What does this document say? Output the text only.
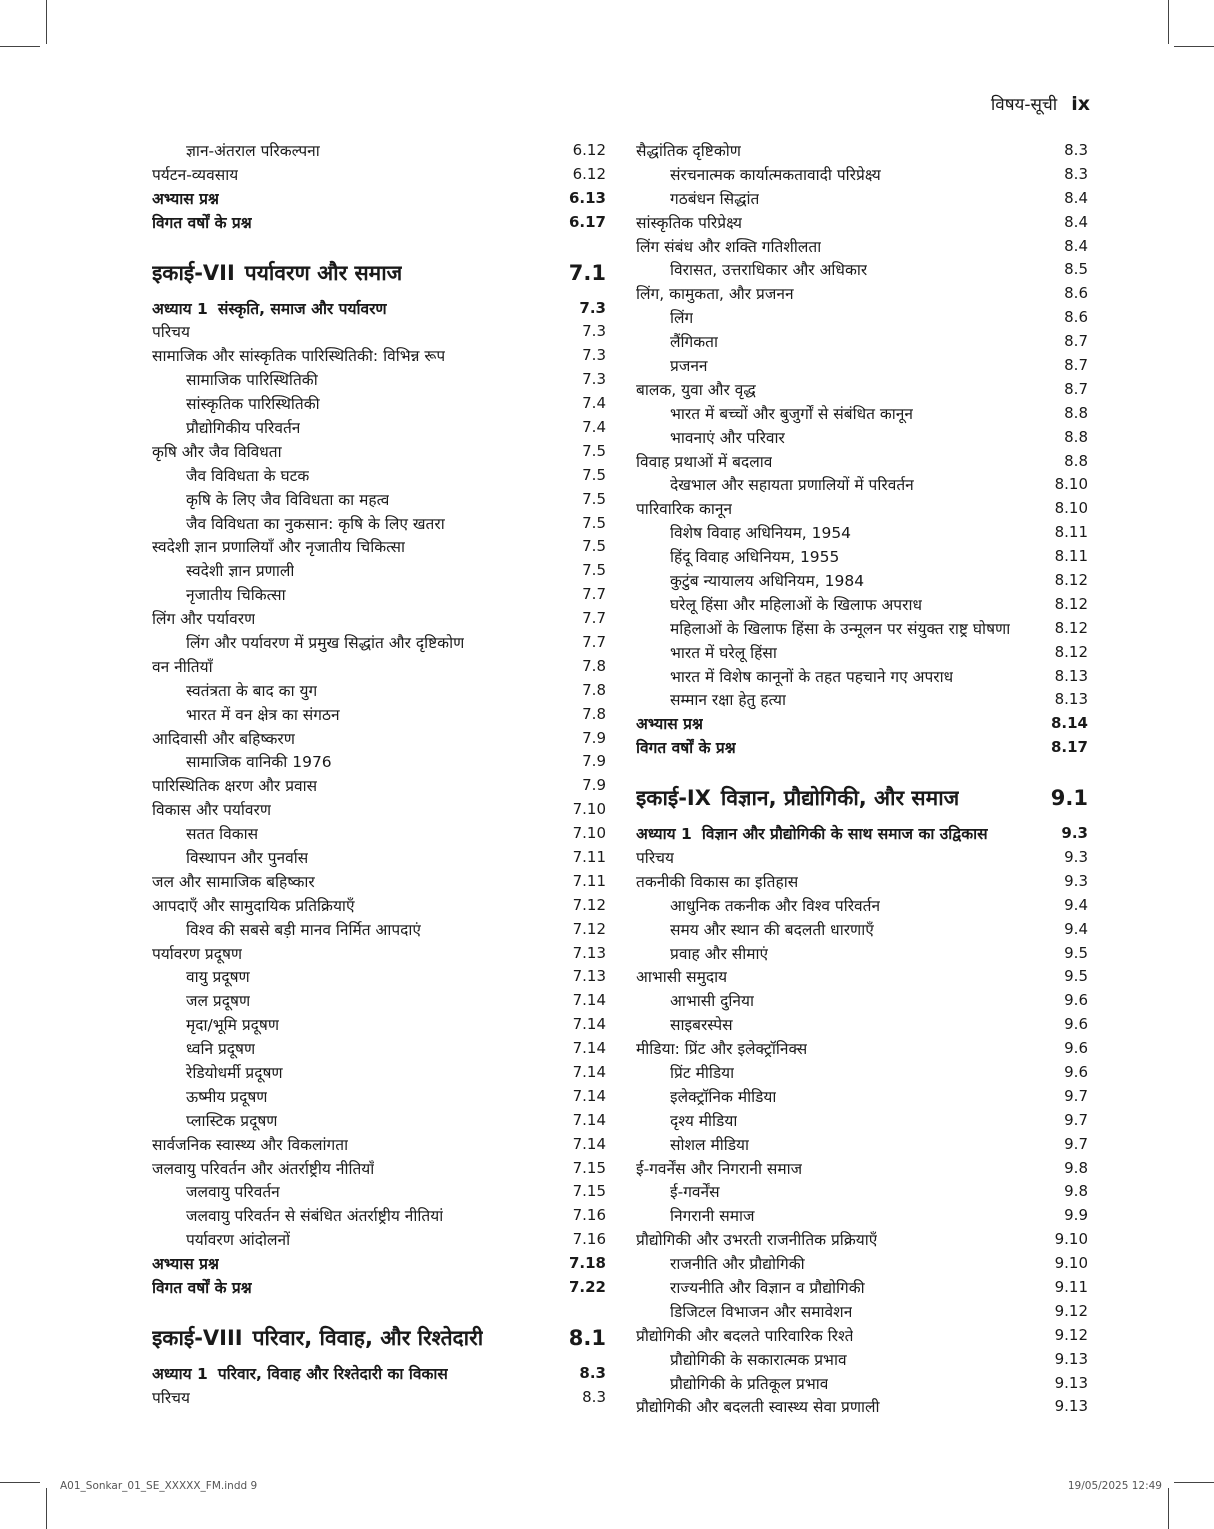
विषय-सूची ix
ज्ञान-अंतराल परिकल्पना	6.12
पर्यटन-व्यवसाय	6.12
अभ्यास प्रश्न	6.13
विगत वर्षों के प्रश्न	6.17
इकाई-VII पर्यावरण और समाज	7.1
अध्याय 1 संस्कृति, समाज और पर्यावरण	7.3
परिचय	7.3
सामाजिक और सांस्कृतिक पारिस्थितिकी: विभिन्न रूप	7.3
सामाजिक पारिस्थितिकी	7.3
सांस्कृतिक पारिस्थितिकी	7.4
प्रौद्योगिकीय परिवर्तन	7.4
कृषि और जैव विविधता	7.5
जैव विविधता के घटक	7.5
कृषि के लिए जैव विविधता का महत्व	7.5
जैव विविधता का नुकसान: कृषि के लिए खतरा	7.5
स्वदेशी ज्ञान प्रणालियाँ और नृजातीय चिकित्सा	7.5
स्वदेशी ज्ञान प्रणाली	7.5
नृजातीय चिकित्सा	7.7
लिंग और पर्यावरण	7.7
लिंग और पर्यावरण में प्रमुख सिद्धांत और दृष्टिकोण	7.7
वन नीतियाँ	7.8
स्वतंत्रता के बाद का युग	7.8
भारत में वन क्षेत्र का संगठन	7.8
आदिवासी और बहिष्करण	7.9
सामाजिक वानिकी 1976	7.9
पारिस्थितिक क्षरण और प्रवास	7.9
विकास और पर्यावरण	7.10
सतत विकास	7.10
विस्थापन और पुनर्वास	7.11
जल और सामाजिक बहिष्कार	7.11
आपदाएँ और सामुदायिक प्रतिक्रियाएँ	7.12
विश्व की सबसे बड़ी मानव निर्मित आपदाएं	7.12
पर्यावरण प्रदूषण	7.13
वायु प्रदूषण	7.13
जल प्रदूषण	7.14
मृदा/भूमि प्रदूषण	7.14
ध्वनि प्रदूषण	7.14
रेडियोधर्मी प्रदूषण	7.14
ऊष्मीय प्रदूषण	7.14
प्लास्टिक प्रदूषण	7.14
सार्वजनिक स्वास्थ्य और विकलांगता	7.14
जलवायु परिवर्तन और अंतर्राष्ट्रीय नीतियाँ	7.15
जलवायु परिवर्तन	7.15
जलवायु परिवर्तन से संबंधित अंतर्राष्ट्रीय नीतियां	7.16
पर्यावरण आंदोलनों	7.16
अभ्यास प्रश्न	7.18
विगत वर्षों के प्रश्न	7.22
इकाई-VIII परिवार, विवाह, और रिश्तेदारी	8.1
अध्याय 1 परिवार, विवाह और रिश्तेदारी का विकास	8.3
परिचय	8.3
सैद्धांतिक दृष्टिकोण	8.3
संरचनात्मक कार्यात्मकतावादी परिप्रेक्ष्य	8.3
गठबंधन सिद्धांत	8.4
सांस्कृतिक परिप्रेक्ष्य	8.4
लिंग संबंध और शक्ति गतिशीलता	8.4
विरासत, उत्तराधिकार और अधिकार	8.5
लिंग, कामुकता, और प्रजनन	8.6
लिंग	8.6
लैंगिकता	8.7
प्रजनन	8.7
बालक, युवा और वृद्ध	8.7
भारत में बच्चों और बुजुर्गों से संबंधित कानून	8.8
भावनाएं और परिवार	8.8
विवाह प्रथाओं में बदलाव	8.8
देखभाल और सहायता प्रणालियों में परिवर्तन	8.10
पारिवारिक कानून	8.10
विशेष विवाह अधिनियम, 1954	8.11
हिंदू विवाह अधिनियम, 1955	8.11
कुटुंब न्यायालय अधिनियम, 1984	8.12
घरेलू हिंसा और महिलाओं के खिलाफ अपराध	8.12
महिलाओं के खिलाफ हिंसा के उन्मूलन पर संयुक्त राष्ट्र घोषणा	8.12
भारत में घरेलू हिंसा	8.12
भारत में विशेष कानूनों के तहत पहचाने गए अपराध	8.13
सम्मान रक्षा हेतु हत्या	8.13
अभ्यास प्रश्न	8.14
विगत वर्षों के प्रश्न	8.17
इकाई-IX विज्ञान, प्रौद्योगिकी, और समाज	9.1
अध्याय 1 विज्ञान और प्रौद्योगिकी के साथ समाज का उद्विकास	9.3
परिचय	9.3
तकनीकी विकास का इतिहास	9.3
आधुनिक तकनीक और विश्व परिवर्तन	9.4
समय और स्थान की बदलती धारणाएँ	9.4
प्रवाह और सीमाएं	9.5
आभासी समुदाय	9.5
आभासी दुनिया	9.6
साइबरस्पेस	9.6
मीडिया: प्रिंट और इलेक्ट्रॉनिक्स	9.6
प्रिंट मीडिया	9.6
इलेक्ट्रॉनिक मीडिया	9.7
दृश्य मीडिया	9.7
सोशल मीडिया	9.7
ई-गवर्नेंस और निगरानी समाज	9.8
ई-गवर्नेंस	9.8
निगरानी समाज	9.9
प्रौद्योगिकी और उभरती राजनीतिक प्रक्रियाएँ	9.10
राजनीति और प्रौद्योगिकी	9.10
राज्यनीति और विज्ञान व प्रौद्योगिकी	9.11
डिजिटल विभाजन और समावेशन	9.12
प्रौद्योगिकी और बदलते पारिवारिक रिश्ते	9.12
प्रौद्योगिकी के सकारात्मक प्रभाव	9.13
प्रौद्योगिकी के प्रतिकूल प्रभाव	9.13
प्रौद्योगिकी और बदलती स्वास्थ्य सेवा प्रणाली	9.13
A01_Sonkar_01_SE_XXXXX_FM.indd 9	19/05/2025 12:49
